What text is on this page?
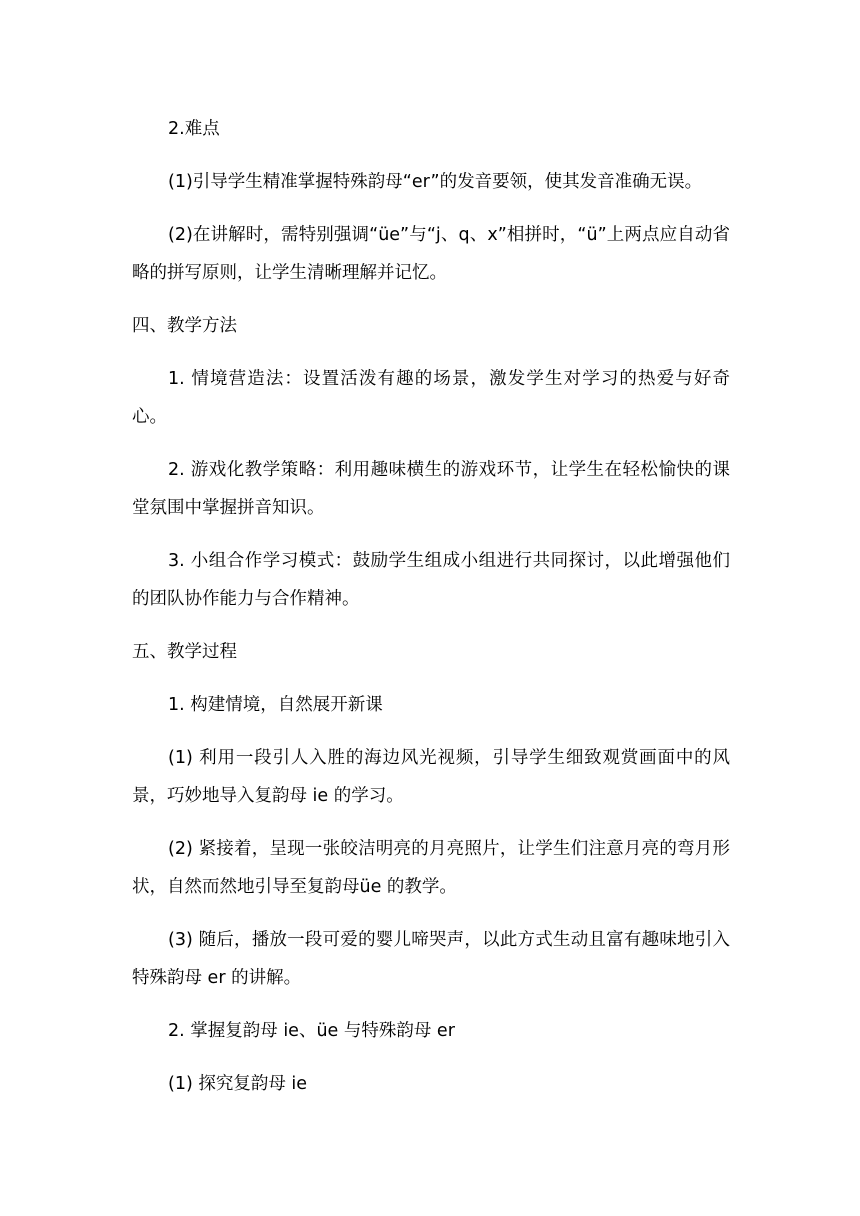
2.难点

(1)引导学生精准掌握特殊韵母“er”的发音要领，使其发音准确无误。

(2)在讲解时，需特别强调“üe”与“j、q、x”相拼时，“ü”上两点应自动省略的拼写原则，让学生清晰理解并记忆。

四、教学方法

1. 情境营造法：设置活泼有趣的场景，激发学生对学习的热爱与好奇心。

2. 游戏化教学策略：利用趣味横生的游戏环节，让学生在轻松愉快的课堂氛围中掌握拼音知识。

3. 小组合作学习模式：鼓励学生组成小组进行共同探讨，以此增强他们的团队协作能力与合作精神。

五、教学过程

1. 构建情境，自然展开新课

(1) 利用一段引人入胜的海边风光视频，引导学生细致观赏画面中的风景，巧妙地导入复韵母 ie 的学习。

(2) 紧接着，呈现一张皎洁明亮的月亮照片，让学生们注意月亮的弯月形状，自然而然地引导至复韵母üe 的教学。

(3) 随后，播放一段可爱的婴儿啼哭声，以此方式生动且富有趣味地引入特殊韵母 er 的讲解。

2. 掌握复韵母 ie、üe 与特殊韵母 er

(1) 探究复韵母 ie
